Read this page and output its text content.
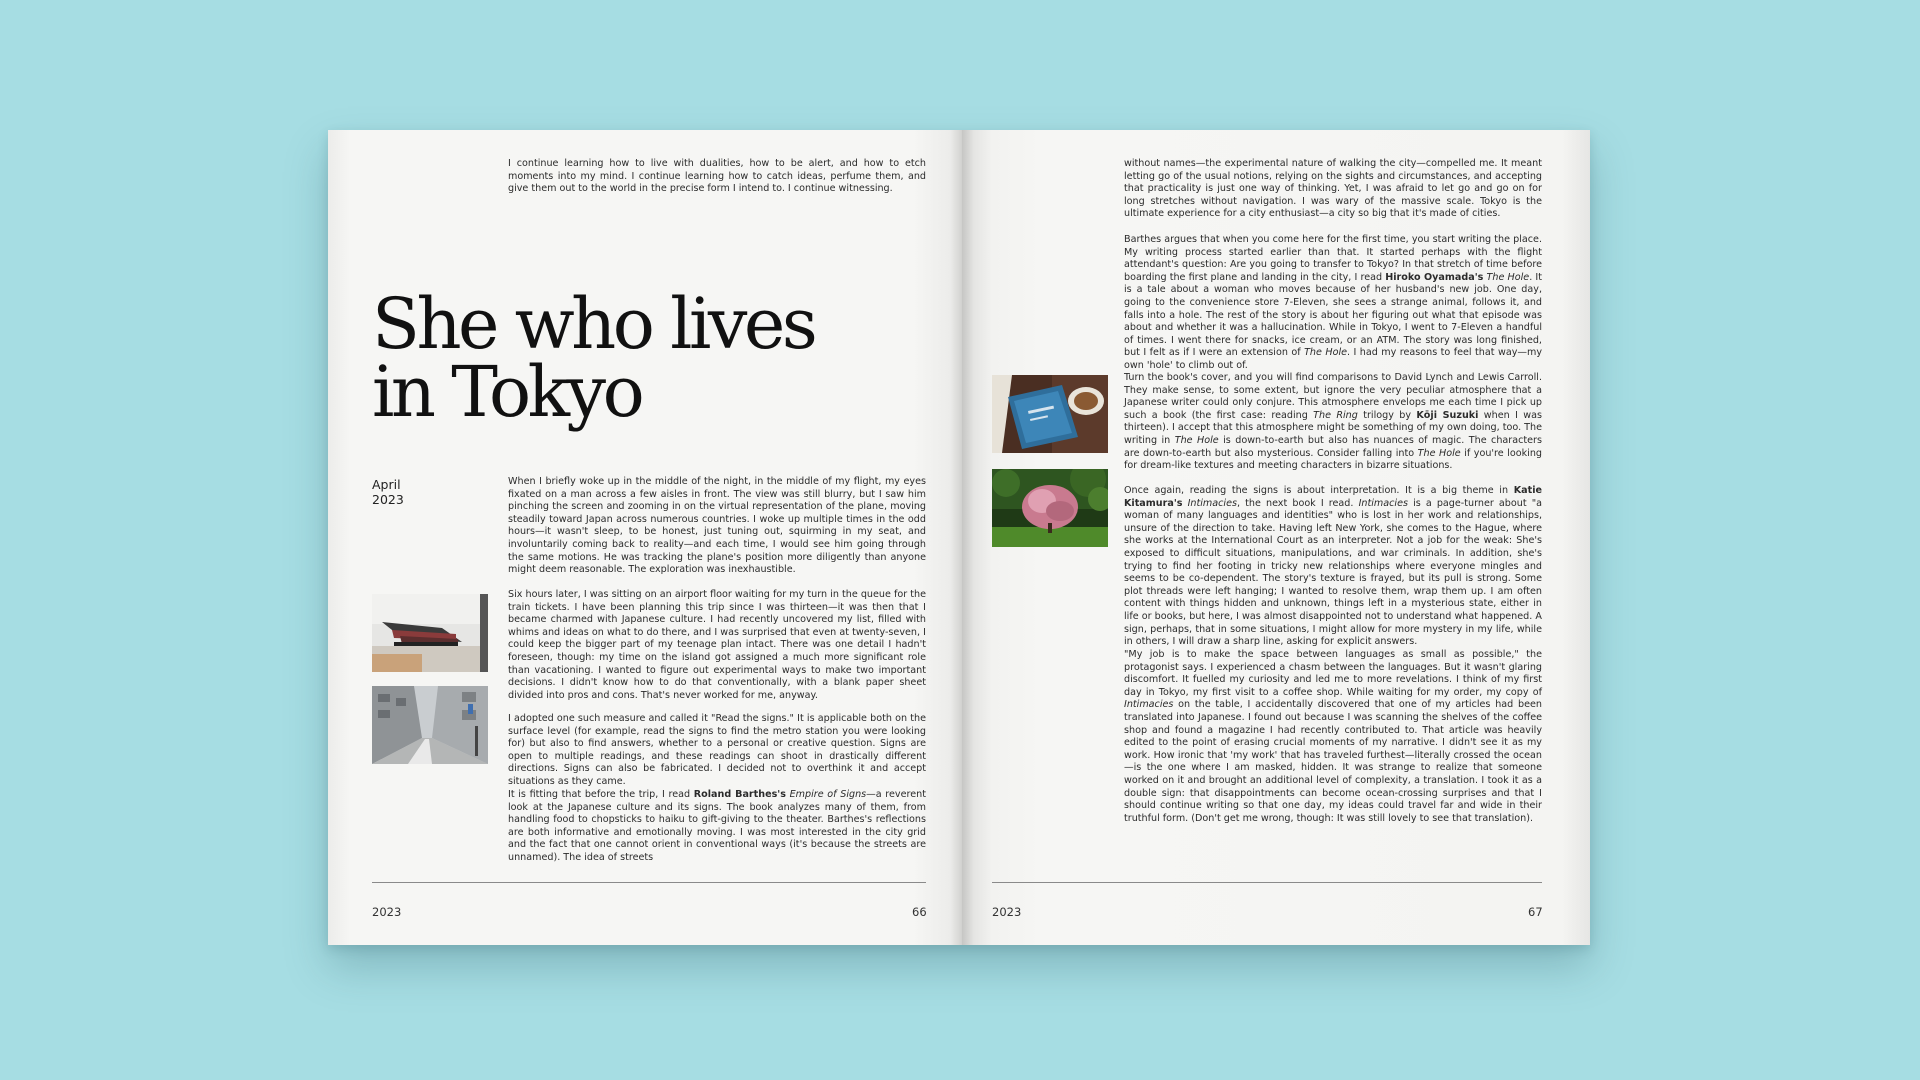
I continue learning how to live with dualities, how to be alert, and how to etch moments into my mind. I continue learning how to catch ideas, perfume them, and give them out to the world in the precise form I intend to. I continue witnessing.

She who lives
in Tokyo
April
2023

When I briefly woke up in the middle of the night, in the middle of my flight, my eyes fixated on a man across a few aisles in front. The view was still blurry, but I saw him pinching the screen and zooming in on the virtual representation of the plane, moving steadily toward Japan across numerous countries. I woke up multiple times in the odd hours—it wasn't sleep, to be honest, just tuning out, squirming in my seat, and involuntarily coming back to reality—and each time, I would see him going through the same motions. He was tracking the plane's position more diligently than anyone might deem reasonable. The exploration was inexhaustible.

Six hours later, I was sitting on an airport floor waiting for my turn in the queue for the train tickets. I have been planning this trip since I was thirteen—it was then that I became charmed with Japanese culture. I had recently uncovered my list, filled with whims and ideas on what to do there, and I was surprised that even at twenty-seven, I could keep the bigger part of my teenage plan intact. There was one detail I hadn't foreseen, though: my time on the island got assigned a much more significant role than vacationing. I wanted to figure out experimental ways to make two important decisions. I didn't know how to do that conventionally, with a blank paper sheet divided into pros and cons. That's never worked for me, anyway.

I adopted one such measure and called it "Read the signs." It is applicable both on the surface level (for example, read the signs to find the metro station you were looking for) but also to find answers, whether to a personal or creative question. Signs are open to multiple readings, and these readings can shoot in drastically different directions. Signs can also be fabricated. I decided not to overthink it and accept situations as they came.

It is fitting that before the trip, I read Roland Barthes's Empire of Signs—a reverent look at the Japanese culture and its signs. The book analyzes many of them, from handling food to chopsticks to haiku to gift-giving to the theater. Barthes's reflections are both informative and emotionally moving. I was most interested in the city grid and the fact that one cannot orient in conventional ways (it's because the streets are unnamed). The idea of streets

2023	66

without names—the experimental nature of walking the city—compelled me. It meant letting go of the usual notions, relying on the sights and circumstances, and accepting that practicality is just one way of thinking. Yet, I was afraid to let go and go on for long stretches without navigation. I was wary of the massive scale. Tokyo is the ultimate experience for a city enthusiast—a city so big that it's made of cities.

Barthes argues that when you come here for the first time, you start writing the place. My writing process started earlier than that. It started perhaps with the flight attendant's question: Are you going to transfer to Tokyo? In that stretch of time before boarding the first plane and landing in the city, I read Hiroko Oyamada's The Hole. It is a tale about a woman who moves because of her husband's new job. One day, going to the convenience store 7-Eleven, she sees a strange animal, follows it, and falls into a hole. The rest of the story is about her figuring out what that episode was about and whether it was a hallucination. While in Tokyo, I went to 7-Eleven a handful of times. I went there for snacks, ice cream, or an ATM. The story was long finished, but I felt as if I were an extension of The Hole. I had my reasons to feel that way—my own 'hole' to climb out of.

Turn the book's cover, and you will find comparisons to David Lynch and Lewis Carroll. They make sense, to some extent, but ignore the very peculiar atmosphere that a Japanese writer could only conjure. This atmosphere envelops me each time I pick up such a book (the first case: reading The Ring trilogy by Kōji Suzuki when I was thirteen). I accept that this atmosphere might be something of my own doing, too. The writing in The Hole is down-to-earth but also has nuances of magic. The characters are down-to-earth but also mysterious. Consider falling into The Hole if you're looking for dream-like textures and meeting characters in bizarre situations.

Once again, reading the signs is about interpretation. It is a big theme in Katie Kitamura's Intimacies, the next book I read. Intimacies is a page-turner about "a woman of many languages and identities" who is lost in her work and relationships, unsure of the direction to take. Having left New York, she comes to the Hague, where she works at the International Court as an interpreter. Not a job for the weak: She's exposed to difficult situations, manipulations, and war criminals. In addition, she's trying to find her footing in tricky new relationships where everyone mingles and seems to be co-dependent. The story's texture is frayed, but its pull is strong. Some plot threads were left hanging; I wanted to resolve them, wrap them up. I am often content with things hidden and unknown, things left in a mysterious state, either in life or books, but here, I was almost disappointed not to understand what happened. A sign, perhaps, that in some situations, I might allow for more mystery in my life, while in others, I will draw a sharp line, asking for explicit answers.

"My job is to make the space between languages as small as possible," the protagonist says. I experienced a chasm between the languages. But it wasn't glaring discomfort. It fuelled my curiosity and led me to more revelations. I think of my first day in Tokyo, my first visit to a coffee shop. While waiting for my order, my copy of Intimacies on the table, I accidentally discovered that one of my articles had been translated into Japanese. I found out because I was scanning the shelves of the coffee shop and found a magazine I had recently contributed to. That article was heavily edited to the point of erasing crucial moments of my narrative. I didn't see it as my work. How ironic that 'my work' that has traveled furthest—literally crossed the ocean—is the one where I am masked, hidden. It was strange to realize that someone worked on it and brought an additional level of complexity, a translation. I took it as a double sign: that disappointments can become ocean-crossing surprises and that I should continue writing so that one day, my ideas could travel far and wide in their truthful form. (Don't get me wrong, though: It was still lovely to see that translation).

2023	67
